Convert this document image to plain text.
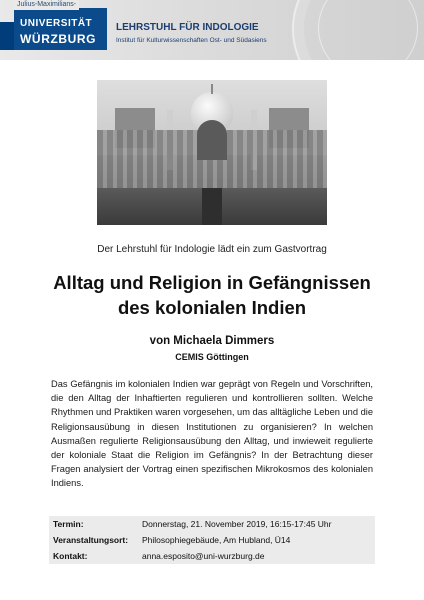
Julius-Maximilians-
UNIVERSITÄT
WÜRZBURG
LEHRSTUHL FÜR INDOLOGIE
Institut für Kulturwissenschaften Ost- und Südasiens
Der Lehrstuhl für Indologie lädt ein zum Gastvortrag
Alltag und Religion in Gefängnissen
des kolonialen Indien
von Michaela Dimmers
CEMIS Göttingen
Das Gefängnis im kolonialen Indien war geprägt von Regeln und Vorschriften, die den Alltag der Inhaftierten regulieren und kontrollieren sollten. Welche Rhythmen und Praktiken waren vorgesehen, um das alltägliche Leben und die Religionsausübung in diesen Institutionen zu organisieren? In welchen Ausmaßen regulierte Religionsausübung den Alltag, und inwieweit regulierte der koloniale Staat die Religion im Gefängnis? In der Betrachtung dieser Fragen analysiert der Vortrag einen spezifischen Mikrokosmos des kolonialen Indiens.
Termin:	Donnerstag, 21. November 2019, 16:15-17:45 Uhr
Veranstaltungsort: Philosophiegebäude, Am Hubland, Ü14
Kontakt:	anna.esposito@uni-wurzburg.de
